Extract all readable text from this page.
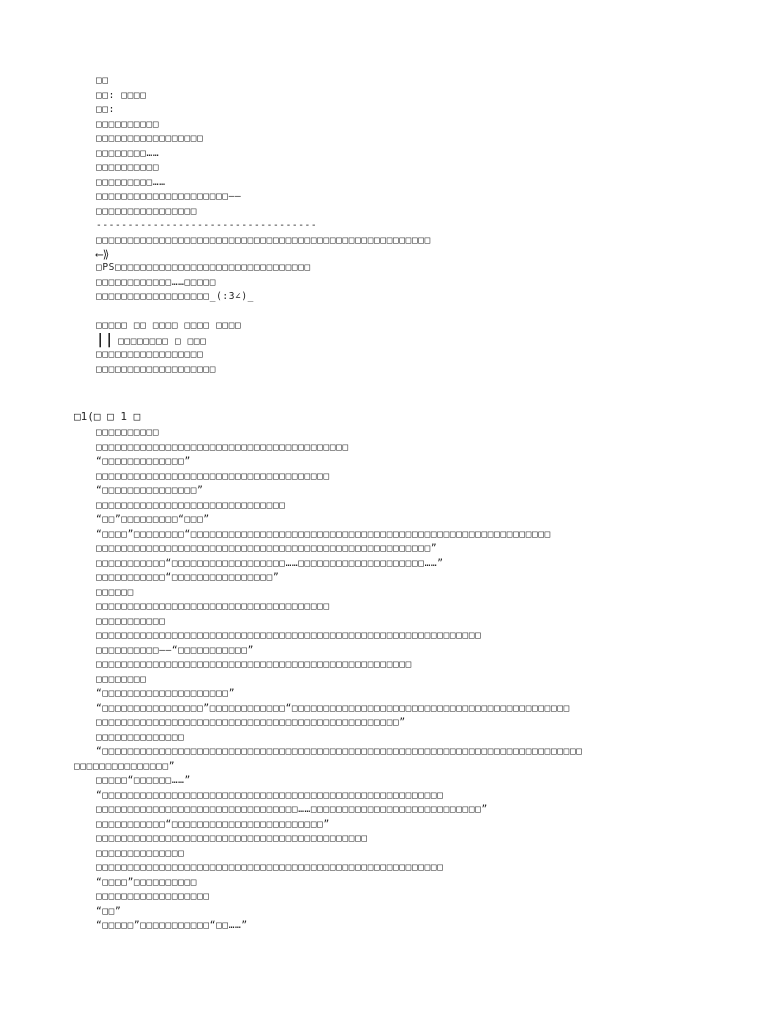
□□
□□: □□□□
□□:
□□□□□□□□□□
□□□□□□□□□□□□□□□□□
□□□□□□□□……
□□□□□□□□□□
□□□□□□□□□……
□□□□□□□□□□□□□□□□□□□□□——
□□□□□□□□□□□□□□□□
-----------------------------------
□□□□□□□□□□□□□□□□□□□□□□□□□□□□□□□□□□□□□□□□□□□□□□□□□□□□□
⟵⟫
□PS□□□□□□□□□□□□□□□□□□□□□□□□□□□□□□□
□□□□□□□□□□□□……□□□□□
□□□□□□□□□□□□□□□□□□_(:3∠)_
□□□□□ □□ □□□□ □□□□ □□□□
|| □□□□□□□□ □ □□□
□□□□□□□□□□□□□□□□□
□□□□□□□□□□□□□□□□□□□
□1(□ □ 1 □
□□□□□□□□□□
□□□□□□□□□□□□□□□□□□□□□□□□□□□□□□□□□□□□□□□□
“□□□□□□□□□□□□□”
□□□□□□□□□□□□□□□□□□□□□□□□□□□□□□□□□□□□□
“□□□□□□□□□□□□□□□”
□□□□□□□□□□□□□□□□□□□□□□□□□□□□□□
“□□”□□□□□□□□□“□□□”
“□□□□”□□□□□□□□“□□□□□□□□□□□□□□□□□□□□□□□□□□□□□□□□□□□□□□□□□□□□□□□□□□□□□□□□□
□□□□□□□□□□□□□□□□□□□□□□□□□□□□□□□□□□□□□□□□□□□□□□□□□□□□□”
□□□□□□□□□□□“□□□□□□□□□□□□□□□□□□……□□□□□□□□□□□□□□□□□□□□……”
□□□□□□□□□□□“□□□□□□□□□□□□□□□□”
□□□□□□
□□□□□□□□□□□□□□□□□□□□□□□□□□□□□□□□□□□□□
□□□□□□□□□□□
□□□□□□□□□□□□□□□□□□□□□□□□□□□□□□□□□□□□□□□□□□□□□□□□□□□□□□□□□□□□□
□□□□□□□□□□——“□□□□□□□□□□□”
□□□□□□□□□□□□□□□□□□□□□□□□□□□□□□□□□□□□□□□□□□□□□□□□□□
□□□□□□□□
“□□□□□□□□□□□□□□□□□□□□”
“□□□□□□□□□□□□□□□□”□□□□□□□□□□□□“□□□□□□□□□□□□□□□□□□□□□□□□□□□□□□□□□□□□□□□□□□□□
□□□□□□□□□□□□□□□□□□□□□□□□□□□□□□□□□□□□□□□□□□□□□□□□”
□□□□□□□□□□□□□□
“□□□□□□□□□□□□□□□□□□□□□□□□□□□□□□□□□□□□□□□□□□□□□□□□□□□□□□□□□□□□□□□□□□□□□□□□□□□□
□□□□□□□□□□□□□□□”
□□□□□“□□□□□□……”
“□□□□□□□□□□□□□□□□□□□□□□□□□□□□□□□□□□□□□□□□□□□□□□□□□□□□□□
□□□□□□□□□□□□□□□□□□□□□□□□□□□□□□□□……□□□□□□□□□□□□□□□□□□□□□□□□□□□”
□□□□□□□□□□□“□□□□□□□□□□□□□□□□□□□□□□□□”
□□□□□□□□□□□□□□□□□□□□□□□□□□□□□□□□□□□□□□□□□□□
□□□□□□□□□□□□□□
□□□□□□□□□□□□□□□□□□□□□□□□□□□□□□□□□□□□□□□□□□□□□□□□□□□□□□□
“□□□□”□□□□□□□□□□
□□□□□□□□□□□□□□□□□□
“□□”
“□□□□□”□□□□□□□□□□□“□□……”
